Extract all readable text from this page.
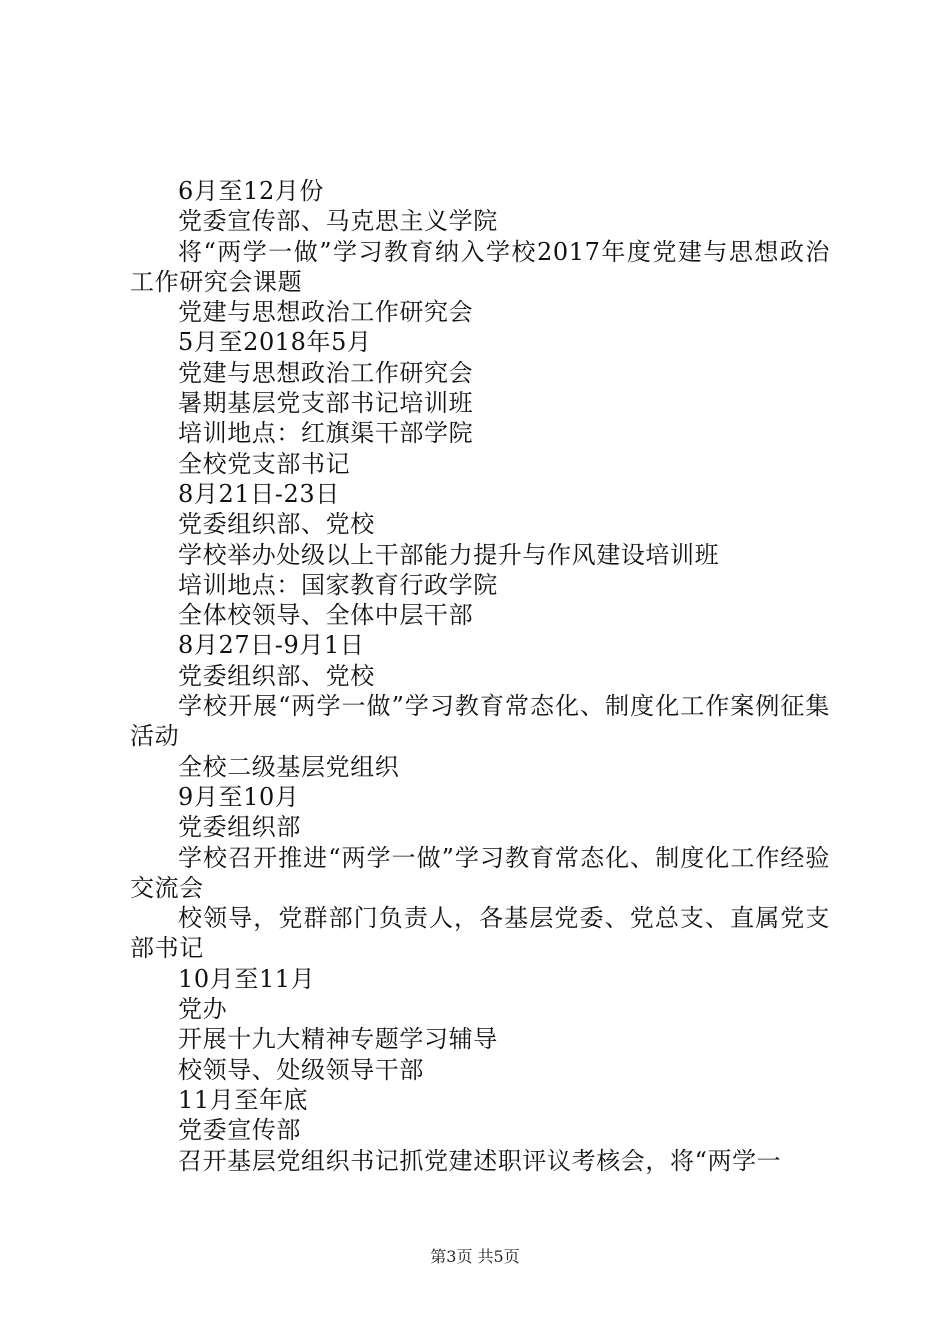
6月至12月份

党委宣传部、马克思主义学院

将“两学一做”学习教育纳入学校2017年度党建与思想政治工作研究会课题

党建与思想政治工作研究会

5月至2018年5月

党建与思想政治工作研究会

暑期基层党支部书记培训班

培训地点：红旗渠干部学院

全校党支部书记

8月21日-23日

党委组织部、党校

学校举办处级以上干部能力提升与作风建设培训班

培训地点：国家教育行政学院

全体校领导、全体中层干部

8月27日-9月1日

党委组织部、党校

学校开展“两学一做”学习教育常态化、制度化工作案例征集活动

全校二级基层党组织

9月至10月

党委组织部

学校召开推进“两学一做”学习教育常态化、制度化工作经验交流会

校领导，党群部门负责人，各基层党委、党总支、直属党支部书记

10月至11月

党办

开展十九大精神专题学习辅导

校领导、处级领导干部

11月至年底

党委宣传部

召开基层党组织书记抓党建述职评议考核会，将“两学一

第3页 共5页
